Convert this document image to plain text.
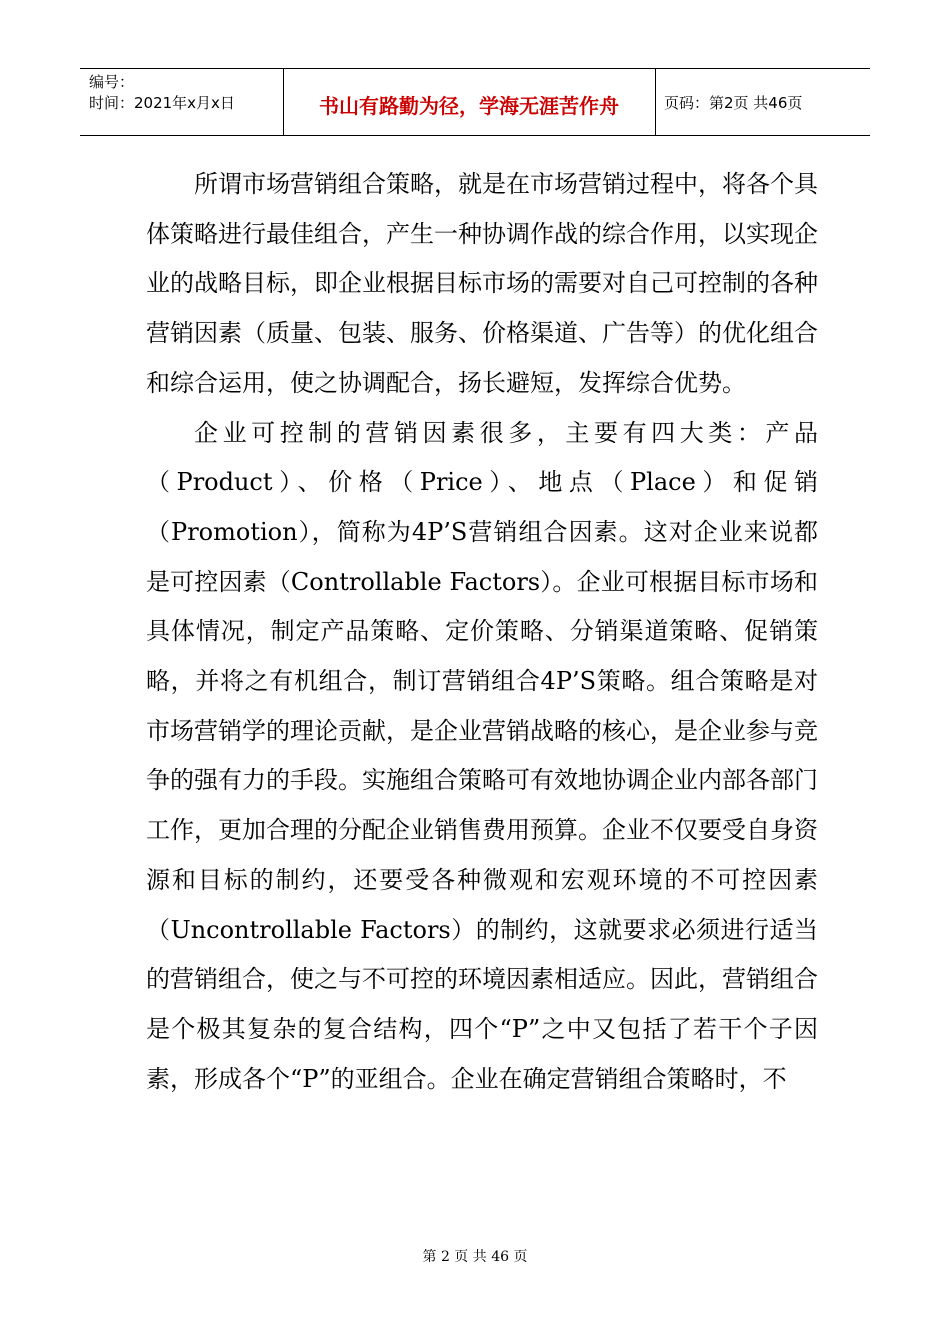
编号：
时间：2021年x月x日	书山有路勤为径，学海无涯苦作舟	页码：第2页 共46页

所谓市场营销组合策略，就是在市场营销过程中，将各个具体策略进行最佳组合，产生一种协调作战的综合作用，以实现企业的战略目标，即企业根据目标市场的需要对自己可控制的各种营销因素（质量、包装、服务、价格渠道、广告等）的优化组合和综合运用，使之协调配合，扬长避短，发挥综合优势。

企业可控制的营销因素很多，主要有四大类：产品（Product）、价格（Price）、地点（Place）和促销（Promotion），简称为4P’S营销组合因素。这对企业来说都是可控因素（Controllable Factors）。企业可根据目标市场和具体情况，制定产品策略、定价策略、分销渠道策略、促销策略，并将之有机组合，制订营销组合4P’S策略。组合策略是对市场营销学的理论贡献，是企业营销战略的核心，是企业参与竞争的强有力的手段。实施组合策略可有效地协调企业内部各部门工作，更加合理的分配企业销售费用预算。企业不仅要受自身资源和目标的制约，还要受各种微观和宏观环境的不可控因素（Uncontrollable Factors）的制约，这就要求必须进行适当的营销组合，使之与不可控的环境因素相适应。因此，营销组合是个极其复杂的复合结构，四个“P”之中又包括了若干个子因素，形成各个“P”的亚组合。企业在确定营销组合策略时，不

第 2 页 共 46 页
